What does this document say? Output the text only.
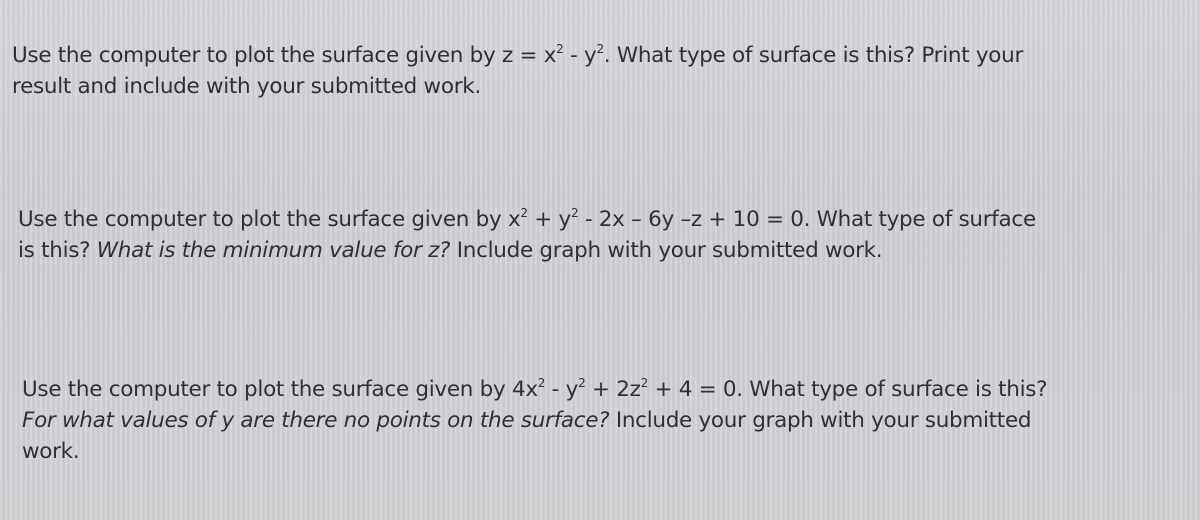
Use the computer to plot the surface given by $z = x^2 - y^2$. What type of surface is this? Print your
result and include with your submitted work.
Use the computer to plot the surface given by $x^2 + y^2 - 2x - 6y$ –z + 10 = 0. What type of surface
is this? What is the minimum value for z? Include graph with your submitted work.
Use the computer to plot the surface given by $4x^2 - y^2 + 2z^2 + 4 = 0$. What type of surface is this?
For what values of y are there no points on the surface? Include your graph with your submitted
work.
